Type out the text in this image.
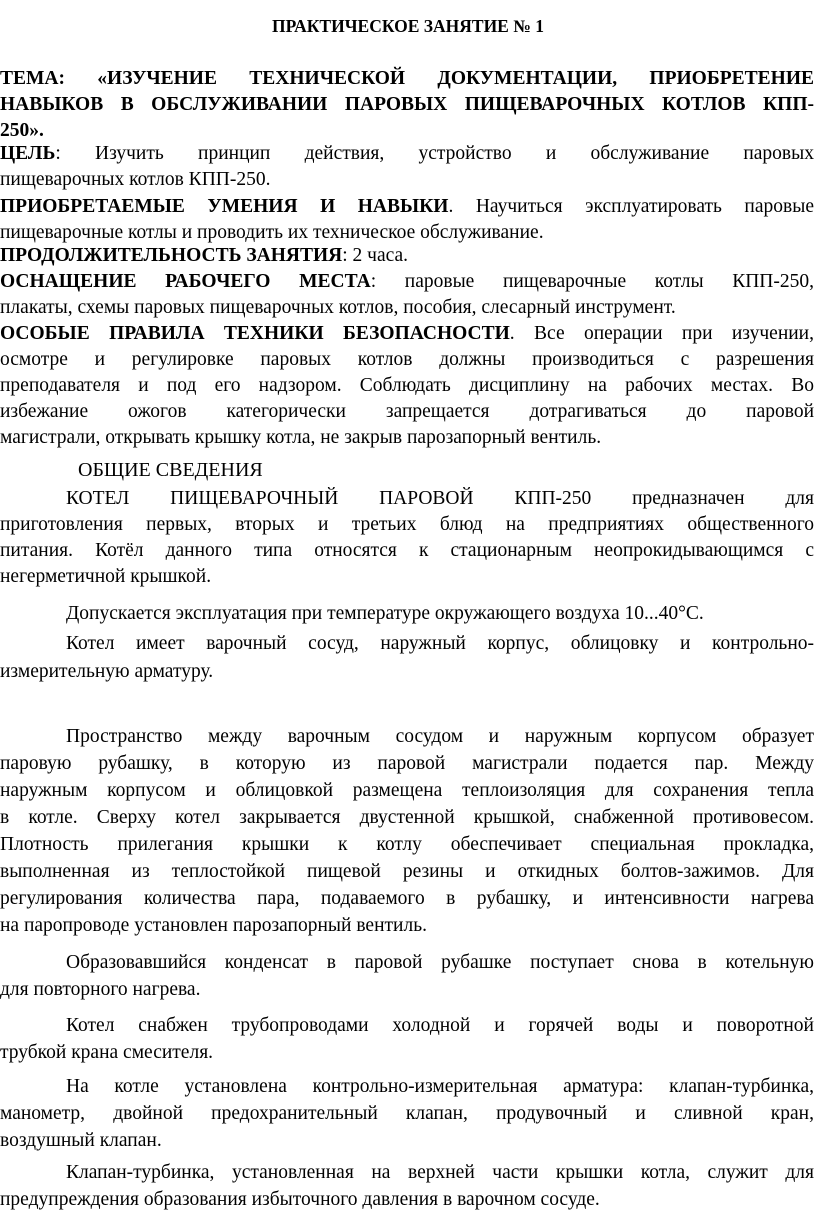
ПРАКТИЧЕСКОЕ ЗАНЯТИЕ № 1
ТЕМА: «ИЗУЧЕНИЕ ТЕХНИЧЕСКОЙ ДОКУМЕНТАЦИИ, ПРИОБРЕТЕНИЕ
НАВЫКОВ В ОБСЛУЖИВАНИИ ПАРОВЫХ ПИЩЕВАРОЧНЫХ КОТЛОВ КПП-
250».
ЦЕЛЬ: Изучить принцип действия, устройство и обслуживание паровых
пищеварочных котлов КПП-250.
ПРИОБРЕТАЕМЫЕ УМЕНИЯ И НАВЫКИ. Научиться эксплуатировать паровые
пищеварочные котлы и проводить их техническое обслуживание.
ПРОДОЛЖИТЕЛЬНОСТЬ ЗАНЯТИЯ: 2 часа.
ОСНАЩЕНИЕ РАБОЧЕГО МЕСТА: паровые пищеварочные котлы КПП-250,
плакаты, схемы паровых пищеварочных котлов, пособия, слесарный инструмент.
ОСОБЫЕ ПРАВИЛА ТЕХНИКИ БЕЗОПАСНОСТИ. Все операции при изучении,
осмотре и регулировке паровых котлов должны производиться с разрешения
преподавателя и под его надзором. Соблюдать дисциплину на рабочих местах. Во
избежание ожогов категорически запрещается дотрагиваться до паровой
магистрали, открывать крышку котла, не закрыв парозапорный вентиль.
ОБЩИЕ СВЕДЕНИЯ
КОТЕЛ ПИЩЕВАРОЧНЫЙ ПАРОВОЙ КПП-250 предназначен для
приготовления первых, вторых и третьих блюд на предприятиях общественного
питания. Котёл данного типа относятся к стационарным неопрокидывающимся с
негерметичной крышкой.
Допускается эксплуатация при температуре окружающего воздуха 10...40°С.
Котел имеет варочный сосуд, наружный корпус, облицовку и контрольно-
измерительную арматуру.
Пространство между варочным сосудом и наружным корпусом образует
паровую рубашку, в которую из паровой магистрали подается пар. Между
наружным корпусом и облицовкой размещена теплоизоляция для сохранения тепла
в котле. Сверху котел закрывается двустенной крышкой, снабженной противовесом.
Плотность прилегания крышки к котлу обеспечивает специальная прокладка,
выполненная из теплостойкой пищевой резины и откидных болтов-зажимов. Для
регулирования количества пара, подаваемого в рубашку, и интенсивности нагрева
на паропроводе установлен парозапорный вентиль.
Образовавшийся конденсат в паровой рубашке поступает снова в котельную
для повторного нагрева.
Котел снабжен трубопроводами холодной и горячей воды и поворотной
трубкой крана смесителя.
На котле установлена контрольно-измерительная арматура: клапан-турбинка,
манометр, двойной предохранительный клапан, продувочный и сливной кран,
воздушный клапан.
Клапан-турбинка, установленная на верхней части крышки котла, служит для
предупреждения образования избыточного давления в варочном сосуде.
